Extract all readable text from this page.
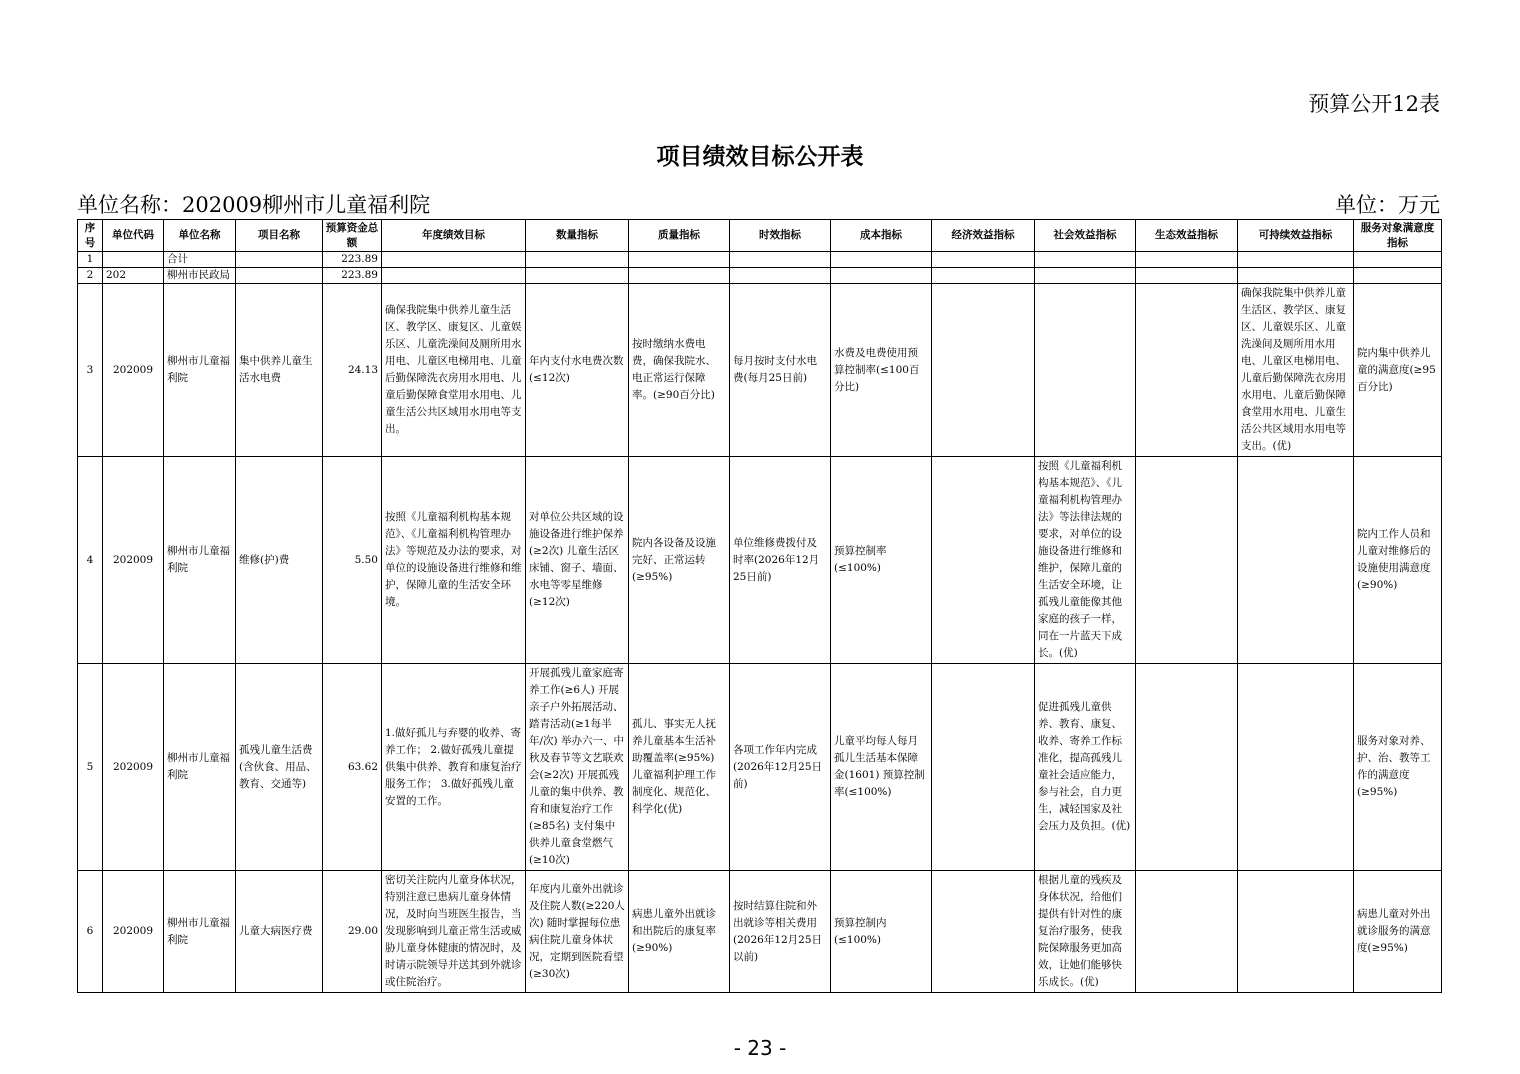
预算公开12表
项目绩效目标公开表
单位名称：202009柳州市儿童福利院	单位：万元
序号	单位代码	单位名称	项目名称	预算资金总额	年度绩效目标	数量指标	质量指标	时效指标	成本指标	经济效益指标	社会效益指标	生态效益指标	可持续效益指标	服务对象满意度指标
1		合计		223.89										
2	202	柳州市民政局		223.89										
3	202009	柳州市儿童福利院	集中供养儿童生活水电费	24.13	确保我院集中供养儿童生活区、教学区、康复区、儿童娱乐区、儿童洗澡间及厕所用水用电、儿童区电梯用电、儿童后勤保障洗衣房用水用电、儿童后勤保障食堂用水用电、儿童生活公共区域用水用电等支出。	年内支付水电费次数(≤12次)	按时缴纳水费电费，确保我院水、电正常运行保障率。(≥90百分比)	每月按时支付水电费(每月25日前)	水费及电费使用预算控制率(≤100百分比)				确保我院集中供养儿童生活区、教学区、康复区、儿童娱乐区、儿童洗澡间及厕所用水用电、儿童区电梯用电、儿童后勤保障洗衣房用水用电、儿童后勤保障食堂用水用电、儿童生活公共区域用水用电等支出。(优)	院内集中供养儿童的满意度(≥95百分比)
4	202009	柳州市儿童福利院	维修(护)费	5.50	按照《儿童福利机构基本规范》、《儿童福利机构管理办法》等规范及办法的要求，对单位的设施设备进行维修和维护，保障儿童的生活安全环境。	对单位公共区域的设施设备进行维护保养(≥2次) 儿童生活区床铺、窗子、墙面、水电等零星维修(≥12次)	院内各设备及设施完好、正常运转(≥95%)	单位维修费拨付及时率(2026年12月25日前)	预算控制率(≤100%)		按照《儿童福利机构基本规范》、《儿童福利机构管理办法》等法律法规的要求，对单位的设施设备进行维修和维护，保障儿童的生活安全环境，让孤残儿童能像其他家庭的孩子一样，同在一片蓝天下成长。(优)			院内工作人员和儿童对维修后的设施使用满意度(≥90%)
5	202009	柳州市儿童福利院	孤残儿童生活费(含伙食、用品、教育、交通等)	63.62	1.做好孤儿与弃婴的收养、寄养工作； 2.做好孤残儿童提供集中供养、教育和康复治疗服务工作； 3.做好孤残儿童安置的工作。	开展孤残儿童家庭寄养工作(≥6人) 开展亲子户外拓展活动、踏青活动(≥1每半年/次) 举办六一、中秋及春节等文艺联欢会(≥2次) 开展孤残儿童的集中供养、教育和康复治疗工作(≥85名) 支付集中供养儿童食堂燃气(≥10次)	孤儿、事实无人抚养儿童基本生活补助覆盖率(≥95%) 儿童福利护理工作制度化、规范化、科学化(优)	各项工作年内完成(2026年12月25日前)	儿童平均每人每月孤儿生活基本保障金(1601) 预算控制率(≤100%)		促进孤残儿童供养、教育、康复、收养、寄养工作标准化，提高孤残儿童社会适应能力，参与社会，自力更生，减轻国家及社会压力及负担。(优)			服务对象对养、护、治、教等工作的满意度(≥95%)
6	202009	柳州市儿童福利院	儿童大病医疗费	29.00	密切关注院内儿童身体状况，特别注意已患病儿童身体情况，及时向当班医生报告，当发现影响到儿童正常生活或威胁儿童身体健康的情况时，及时请示院领导并送其到外就诊或住院治疗。	年度内儿童外出就诊及住院人数(≥220人次) 随时掌握每位患病住院儿童身体状况，定期到医院看望(≥30次)	病患儿童外出就诊和出院后的康复率(≥90%)	按时结算住院和外出就诊等相关费用(2026年12月25日以前)	预算控制内(≤100%)		根据儿童的残疾及身体状况，给他们提供有针对性的康复治疗服务，使我院保障服务更加高效，让她们能够快乐成长。(优)			病患儿童对外出就诊服务的满意度(≥95%)
- 23 -
